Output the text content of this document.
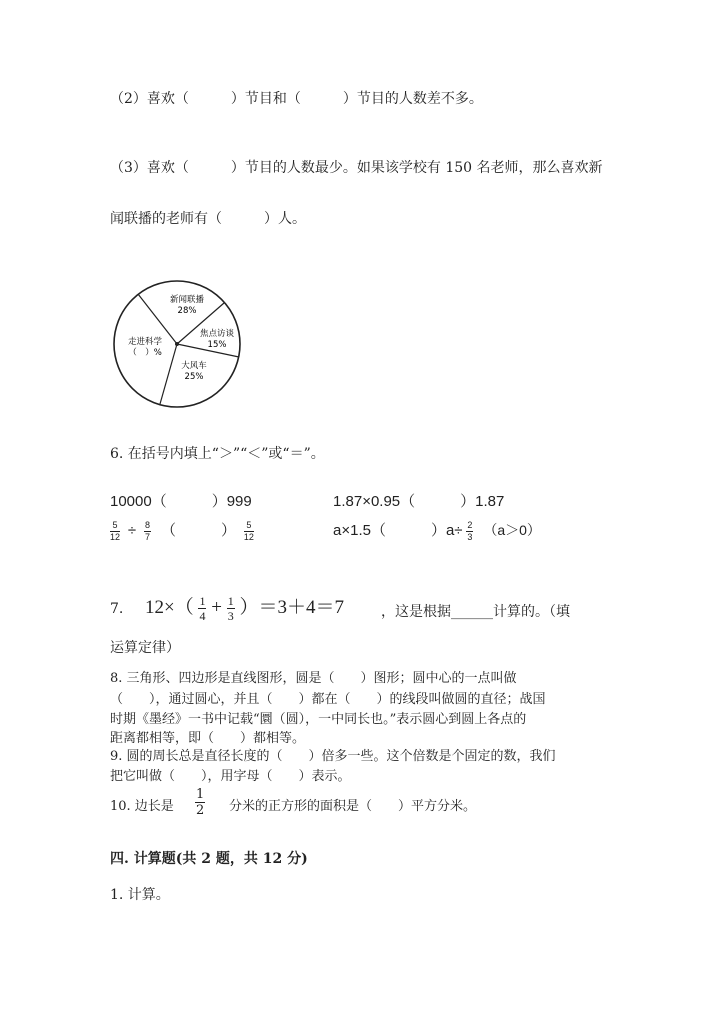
（2）喜欢（　　　）节目和（　　　）节目的人数差不多。
（3）喜欢（　　　）节目的人数最少。如果该学校有 150 名老师，那么喜欢新
闻联播的老师有（　　　）人。
新闻联播
28%
焦点访谈
15%
大风车
25%
走进科学
（　）%
6. 在括号内填上“＞”“＜”或“＝”。
10000（　　　）999	1.87×0.95（　　　）1.87
$\frac{5}{12} \div \frac{8}{7}$ （　　　） $\frac{5}{12}$	a×1.5（　　　）$a\div \frac{2}{3} (a>0)$
7. $12\times( \frac{1}{4} + \frac{1}{3} )=3+4=7$	，这是根据______计算的。（填
运算定律）
8. 三角形、四边形是直线图形，圆是（　　）图形；圆中心的一点叫做
（　　），通过圆心，并且（　　）都在（　　）的线段叫做圆的直径；战国
时期《墨经》一书中记载“圜（圆），一中同长也。”表示圆心到圆上各点的
距离都相等，即（　　）都相等。
9. 圆的周长总是直径长度的（　　）倍多一些。这个倍数是个固定的数，我们
把它叫做（　　），用字母（　　）表示。
10. 边长是 $\frac{1}{2}$ 分米的正方形的面积是（　　）平方分米。
四. 计算题(共 2 题，共 12 分)
1. 计算。
